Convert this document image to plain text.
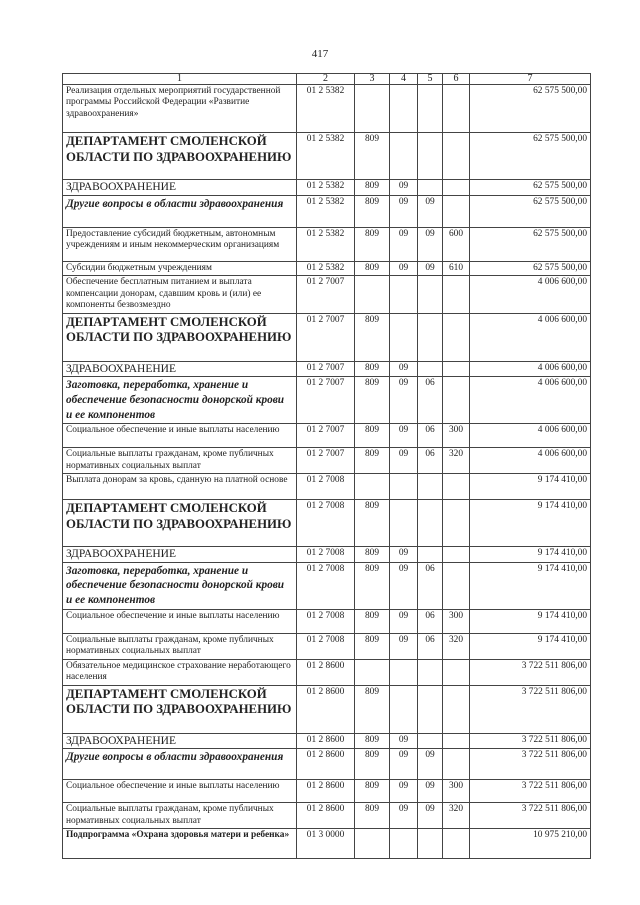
417
1	2	3	4	5	6	7
Реализация отдельных мероприятий государственной программы Российской Федерации «Развитие здравоохранения»	01 2 5382					62 575 500,00
ДЕПАРТАМЕНТ СМОЛЕНСКОЙ ОБЛАСТИ ПО ЗДРАВООХРАНЕНИЮ	01 2 5382	809				62 575 500,00
ЗДРАВООХРАНЕНИЕ	01 2 5382	809	09			62 575 500,00
Другие вопросы в области здравоохранения	01 2 5382	809	09	09		62 575 500,00
Предоставление субсидий бюджетным, автономным учреждениям и иным некоммерческим организациям	01 2 5382	809	09	09	600	62 575 500,00
Субсидии бюджетным учреждениям	01 2 5382	809	09	09	610	62 575 500,00
Обеспечение бесплатным питанием и выплата компенсации донорам, сдавшим кровь и (или) ее компоненты безвозмездно	01 2 7007					4 006 600,00
ДЕПАРТАМЕНТ СМОЛЕНСКОЙ ОБЛАСТИ ПО ЗДРАВООХРАНЕНИЮ	01 2 7007	809				4 006 600,00
ЗДРАВООХРАНЕНИЕ	01 2 7007	809	09			4 006 600,00
Заготовка, переработка, хранение и обеспечение безопасности донорской крови и ее компонентов	01 2 7007	809	09	06		4 006 600,00
Социальное обеспечение и иные выплаты населению	01 2 7007	809	09	06	300	4 006 600,00
Социальные выплаты гражданам, кроме публичных нормативных социальных выплат	01 2 7007	809	09	06	320	4 006 600,00
Выплата донорам за кровь, сданную на платной основе	01 2 7008					9 174 410,00
ДЕПАРТАМЕНТ СМОЛЕНСКОЙ ОБЛАСТИ ПО ЗДРАВООХРАНЕНИЮ	01 2 7008	809				9 174 410,00
ЗДРАВООХРАНЕНИЕ	01 2 7008	809	09			9 174 410,00
Заготовка, переработка, хранение и обеспечение безопасности донорской крови и ее компонентов	01 2 7008	809	09	06		9 174 410,00
Социальное обеспечение и иные выплаты населению	01 2 7008	809	09	06	300	9 174 410,00
Социальные выплаты гражданам, кроме публичных нормативных социальных выплат	01 2 7008	809	09	06	320	9 174 410,00
Обязательное медицинское страхование неработающего населения	01 2 8600					3 722 511 806,00
ДЕПАРТАМЕНТ СМОЛЕНСКОЙ ОБЛАСТИ ПО ЗДРАВООХРАНЕНИЮ	01 2 8600	809				3 722 511 806,00
ЗДРАВООХРАНЕНИЕ	01 2 8600	809	09			3 722 511 806,00
Другие вопросы в области здравоохранения	01 2 8600	809	09	09		3 722 511 806,00
Социальное обеспечение и иные выплаты населению	01 2 8600	809	09	09	300	3 722 511 806,00
Социальные выплаты гражданам, кроме публичных нормативных социальных выплат	01 2 8600	809	09	09	320	3 722 511 806,00
Подпрограмма «Охрана здоровья матери и ребенка»	01 3 0000					10 975 210,00
